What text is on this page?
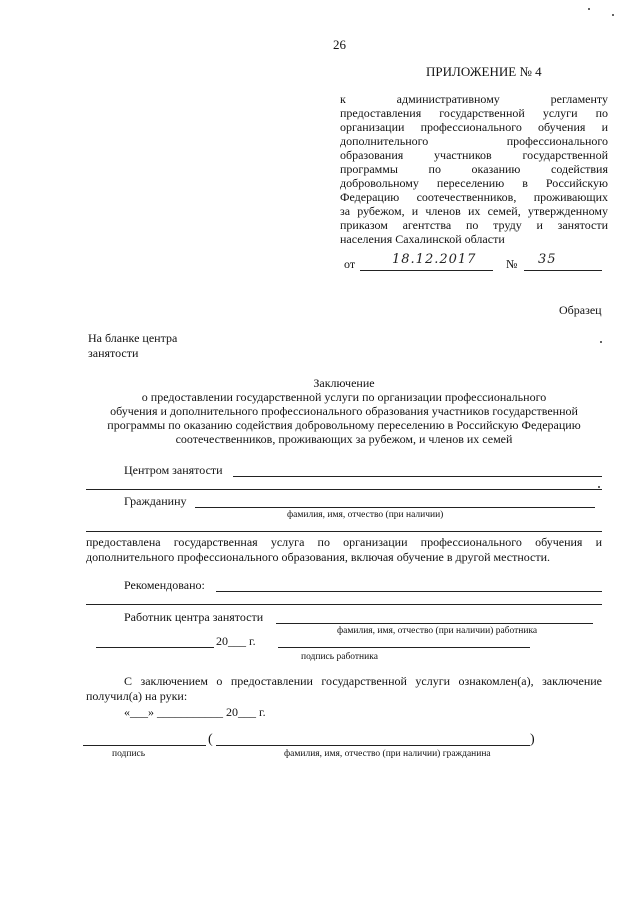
26
ПРИЛОЖЕНИЕ № 4
к административному регламенту
предоставления государственной услуги по
организации профессионального обучения и
дополнительного профессионального
образования участников государственной
программы по оказанию содействия
добровольному переселению в Российскую
Федерацию соотечественников, проживающих
за рубежом, и членов их семей, утвержденному
приказом агентства по труду и занятости
населения Сахалинской области
от	18.12.2017 № 35
Образец
На бланке центра
занятости
Заключение
о предоставлении государственной услуги по организации профессионального
обучения и дополнительного профессионального образования участников государственной
программы по оказанию содействия добровольному переселению в Российскую Федерацию
соотечественников, проживающих за рубежом, и членов их семей
Центром занятости
Гражданину
фамилия, имя, отчество (при наличии)
предоставлена государственная услуга по организации профессионального обучения и
дополнительного профессионального образования, включая обучение в другой местности.
Рекомендовано:
Работник центра занятости
фамилия, имя, отчество (при наличии) работника
20___ г.
подпись работника
С заключением о предоставлении государственной услуги ознакомлен(а), заключение
получил(а) на руки:
«___» ___________ 20___ г.
(	)
подпись	фамилия, имя, отчество (при наличии) гражданина
